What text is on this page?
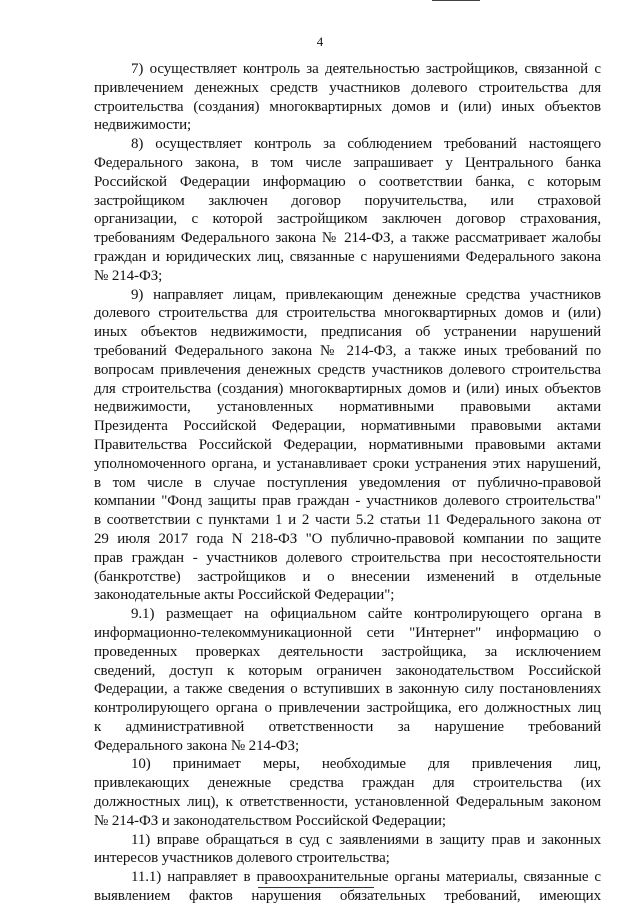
4
7) осуществляет контроль за деятельностью застройщиков, связанной с
привлечением денежных средств участников долевого строительства для
строительства (создания) многоквартирных домов и (или) иных объектов
недвижимости;
8) осуществляет контроль за соблюдением требований настоящего
Федерального закона, в том числе запрашивает у Центрального банка
Российской Федерации информацию о соответствии банка, с которым
застройщиком заключен договор поручительства, или страховой
организации, с которой застройщиком заключен договор страхования,
требованиям Федерального закона № 214-ФЗ, а также рассматривает жалобы
граждан и юридических лиц, связанные с нарушениями Федерального закона
№ 214-ФЗ;
9) направляет лицам, привлекающим денежные средства участников
долевого строительства для строительства многоквартирных домов и (или)
иных объектов недвижимости, предписания об устранении нарушений
требований Федерального закона № 214-ФЗ, а также иных требований по
вопросам привлечения денежных средств участников долевого строительства
для строительства (создания) многоквартирных домов и (или) иных объектов
недвижимости, установленных нормативными правовыми актами
Президента Российской Федерации, нормативными правовыми актами
Правительства Российской Федерации, нормативными правовыми актами
уполномоченного органа, и устанавливает сроки устранения этих нарушений,
в том числе в случае поступления уведомления от публично-правовой
компании "Фонд защиты прав граждан - участников долевого строительства"
в соответствии с пунктами 1 и 2 части 5.2 статьи 11 Федерального закона от
29 июля 2017 года N 218-ФЗ "О публично-правовой компании по защите
прав граждан - участников долевого строительства при несостоятельности
(банкротстве) застройщиков и о внесении изменений в отдельные
законодательные акты Российской Федерации";
9.1) размещает на официальном сайте контролирующего органа в
информационно-телекоммуникационной сети "Интернет" информацию о
проведенных проверках деятельности застройщика, за исключением
сведений, доступ к которым ограничен законодательством Российской
Федерации, а также сведения о вступивших в законную силу постановлениях
контролирующего органа о привлечении застройщика, его должностных лиц
к административной ответственности за нарушение требований
Федерального закона № 214-ФЗ;
10) принимает меры, необходимые для привлечения лиц,
привлекающих денежные средства граждан для строительства (их
должностных лиц), к ответственности, установленной Федеральным законом
№ 214-ФЗ и законодательством Российской Федерации;
11) вправе обращаться в суд с заявлениями в защиту прав и законных
интересов участников долевого строительства;
11.1) направляет в правоохранительные органы материалы, связанные с
выявлением фактов нарушения обязательных требований, имеющих
